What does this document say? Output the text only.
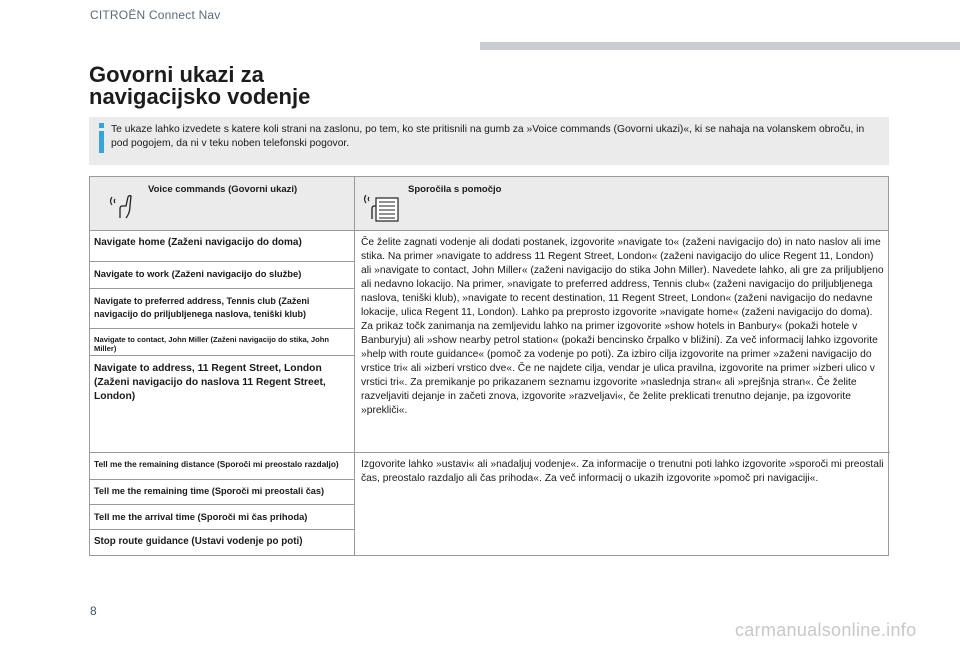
CITROËN Connect Nav
Govorni ukazi za
navigacijsko vodenje
Te ukaze lahko izvedete s katere koli strani na zaslonu, po tem, ko ste pritisnili na gumb za »Voice commands (Govorni ukazi)«, ki se nahaja na volanskem obroču, in pod pogojem, da ni v teku noben telefonski pogovor.
Voice commands (Govorni ukazi)	Sporočila s pomočjo
Navigate home (Zaženi navigacijo do doma)
Navigate to work (Zaženi navigacijo do službe)
Navigate to preferred address, Tennis club (Zaženi navigacijo do priljubljenega naslova, teniški klub)
Navigate to contact, John Miller (Zaženi navigacijo do stika, John Miller)
Navigate to address, 11 Regent Street, London (Zaženi navigacijo do naslova 11 Regent Street, London)
Če želite zagnati vodenje ali dodati postanek, izgovorite »navigate to« (zaženi navigacijo do) in nato naslov ali ime stika. Na primer »navigate to address 11 Regent Street, London« (zaženi navigacijo do ulice Regent 11, London) ali »navigate to contact, John Miller« (zaženi navigacijo do stika John Miller). Navedete lahko, ali gre za priljubljeno ali nedavno lokacijo. Na primer, »navigate to preferred address, Tennis club« (zaženi navigacijo do priljubljenega naslova, teniški klub), »navigate to recent destination, 11 Regent Street, London« (zaženi navigacijo do nedavne lokacije, ulica Regent 11, London). Lahko pa preprosto izgovorite »navigate home« (zaženi navigacijo do doma). Za prikaz točk zanimanja na zemljevidu lahko na primer izgovorite »show hotels in Banbury« (pokaži hotele v Banburyju) ali »show nearby petrol station« (pokaži bencinsko črpalko v bližini). Za več informacij lahko izgovorite »help with route guidance« (pomoč za vodenje po poti). Za izbiro cilja izgovorite na primer »zaženi navigacijo do vrstice tri« ali »izberi vrstico dve«. Če ne najdete cilja, vendar je ulica pravilna, izgovorite na primer »izberi ulico v vrstici tri«. Za premikanje po prikazanem seznamu izgovorite »naslednja stran« ali »prejšnja stran«. Če želite razveljaviti dejanje in začeti znova, izgovorite »razveljavi«, če želite preklicati trenutno dejanje, pa izgovorite »prekliči«.
Tell me the remaining distance (Sporoči mi preostalo razdaljo)
Tell me the remaining time (Sporoči mi preostali čas)
Tell me the arrival time (Sporoči mi čas prihoda)
Stop route guidance (Ustavi vodenje po poti)
Izgovorite lahko »ustavi« ali »nadaljuj vodenje«. Za informacije o trenutni poti lahko izgovorite »sporoči mi preostali čas, preostalo razdaljo ali čas prihoda«. Za več informacij o ukazih izgovorite »pomoč pri navigaciji«.
8
carmanualsonline.info
